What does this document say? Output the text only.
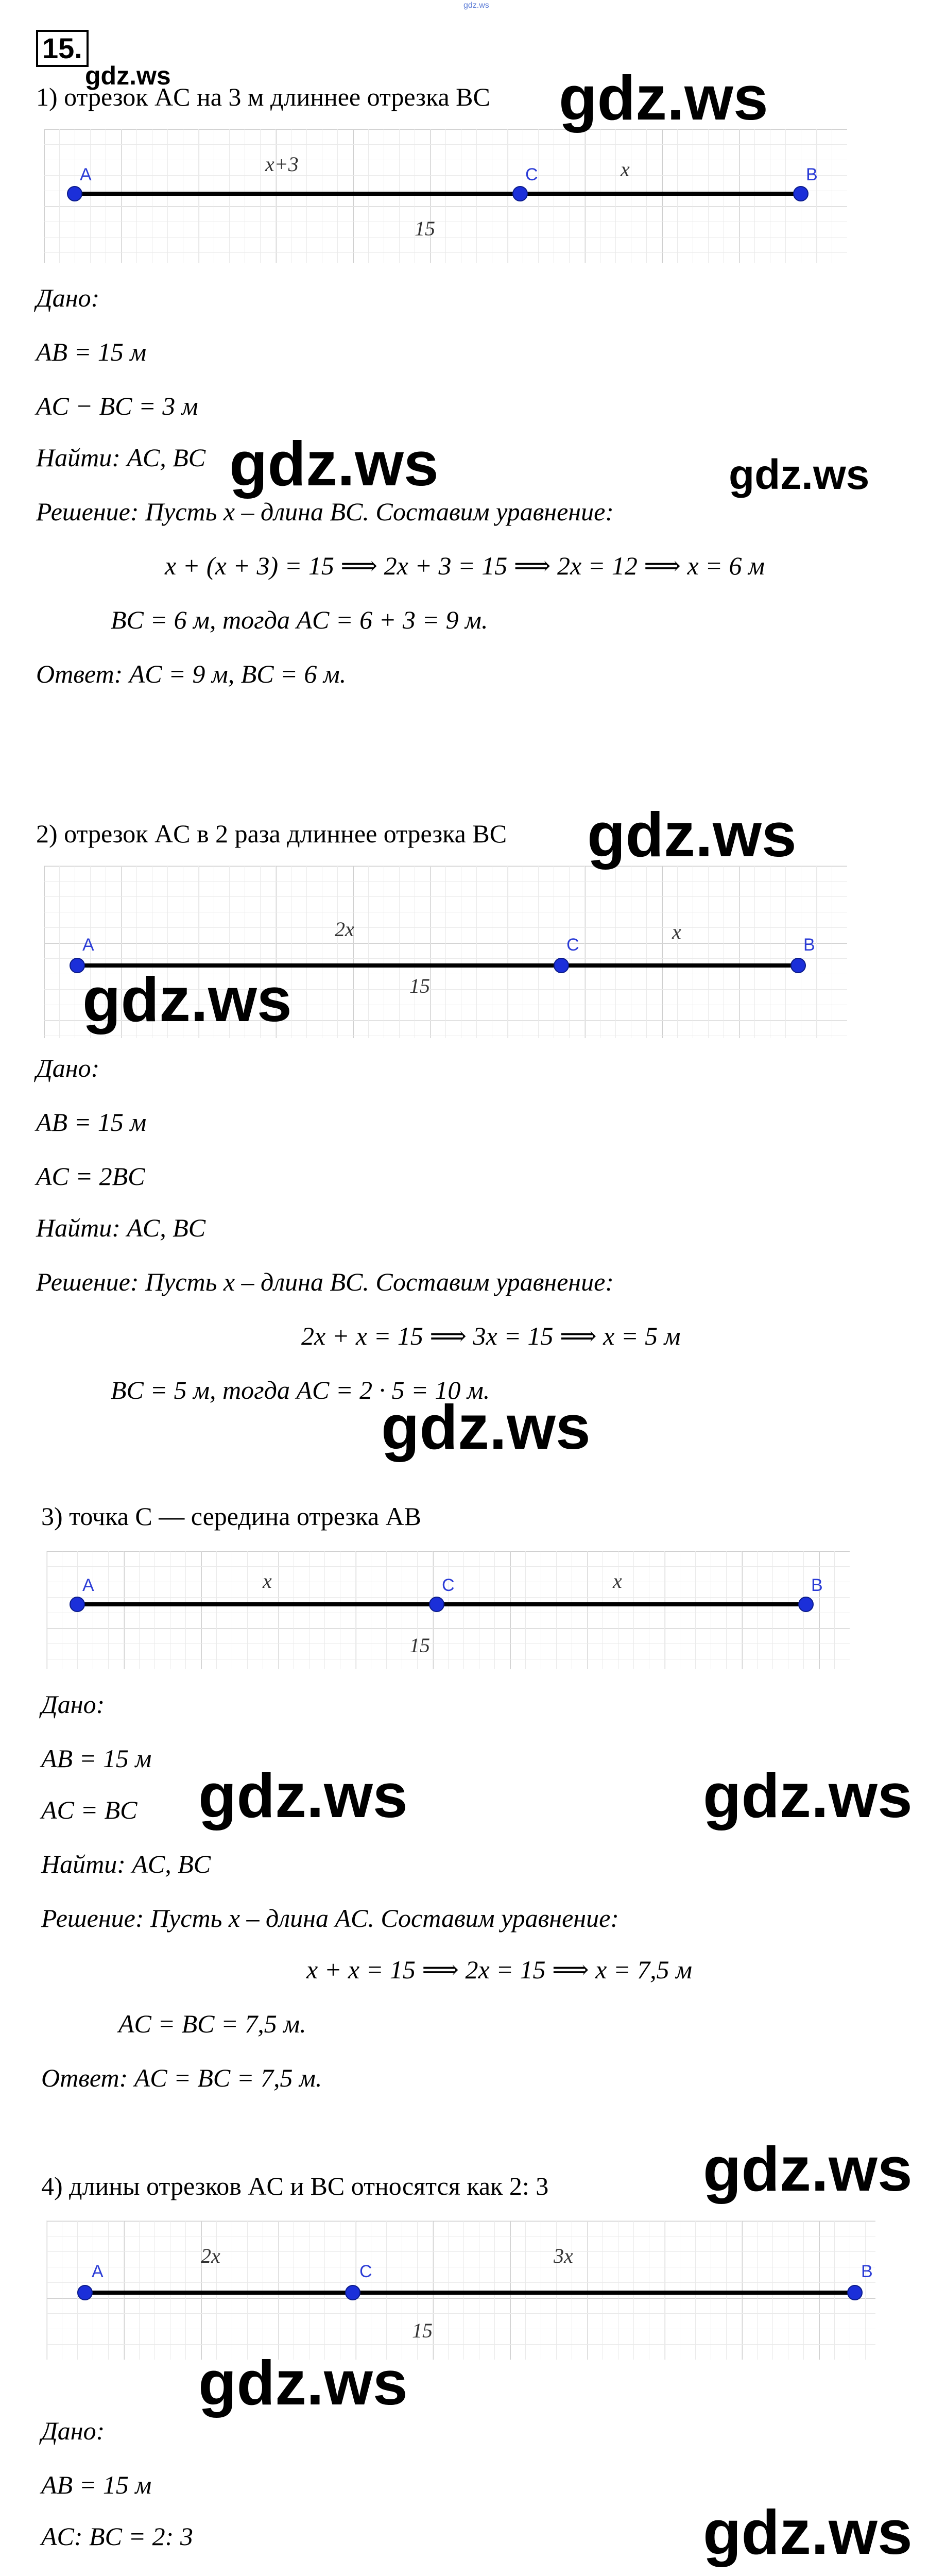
gdz.ws
15.
1) отрезок AC на 3 м длиннее отрезка BC
A	C	B
x+3	x
15
Дано:
AB = 15 м
AC − BC = 3 м
Найти: AC, BC
Решение: Пусть x – длина BC. Составим уравнение:
x + (x + 3) = 15 ⟹ 2x + 3 = 15 ⟹ 2x = 12 ⟹ x = 6 м
BC = 6 м, тогда AC = 6 + 3 = 9 м.
Ответ: AC = 9 м, BC = 6 м.
2) отрезок AC в 2 раза длиннее отрезка BC
A	C	B
2x	x
15
Дано:
AB = 15 м
AC = 2BC
Найти: AC, BC
Решение: Пусть x – длина BC. Составим уравнение:
2x + x = 15 ⟹ 3x = 15 ⟹ x = 5 м
BC = 5 м, тогда AC = 2 · 5 = 10 м.
3) точка C — середина отрезка AB
A	C	B
x	x
15
Дано:
AB = 15 м
AC = BC
Найти: AC, BC
Решение: Пусть x – длина AC. Составим уравнение:
x + x = 15 ⟹ 2x = 15 ⟹ x = 7,5 м
AC = BC = 7,5 м.
Ответ: AC = BC = 7,5 м.
4) длины отрезков AC и BC относятся как 2: 3
A	C	B
2x	3x
15
Дано:
AB = 15 м
AC: BC = 2: 3
gdz.ws	gdz.ws
gdz.ws	gdz.ws
gdz.ws
gdz.ws
gdz.ws
gdz.ws	gdz.ws
gdz.ws
gdz.ws
gdz.ws
